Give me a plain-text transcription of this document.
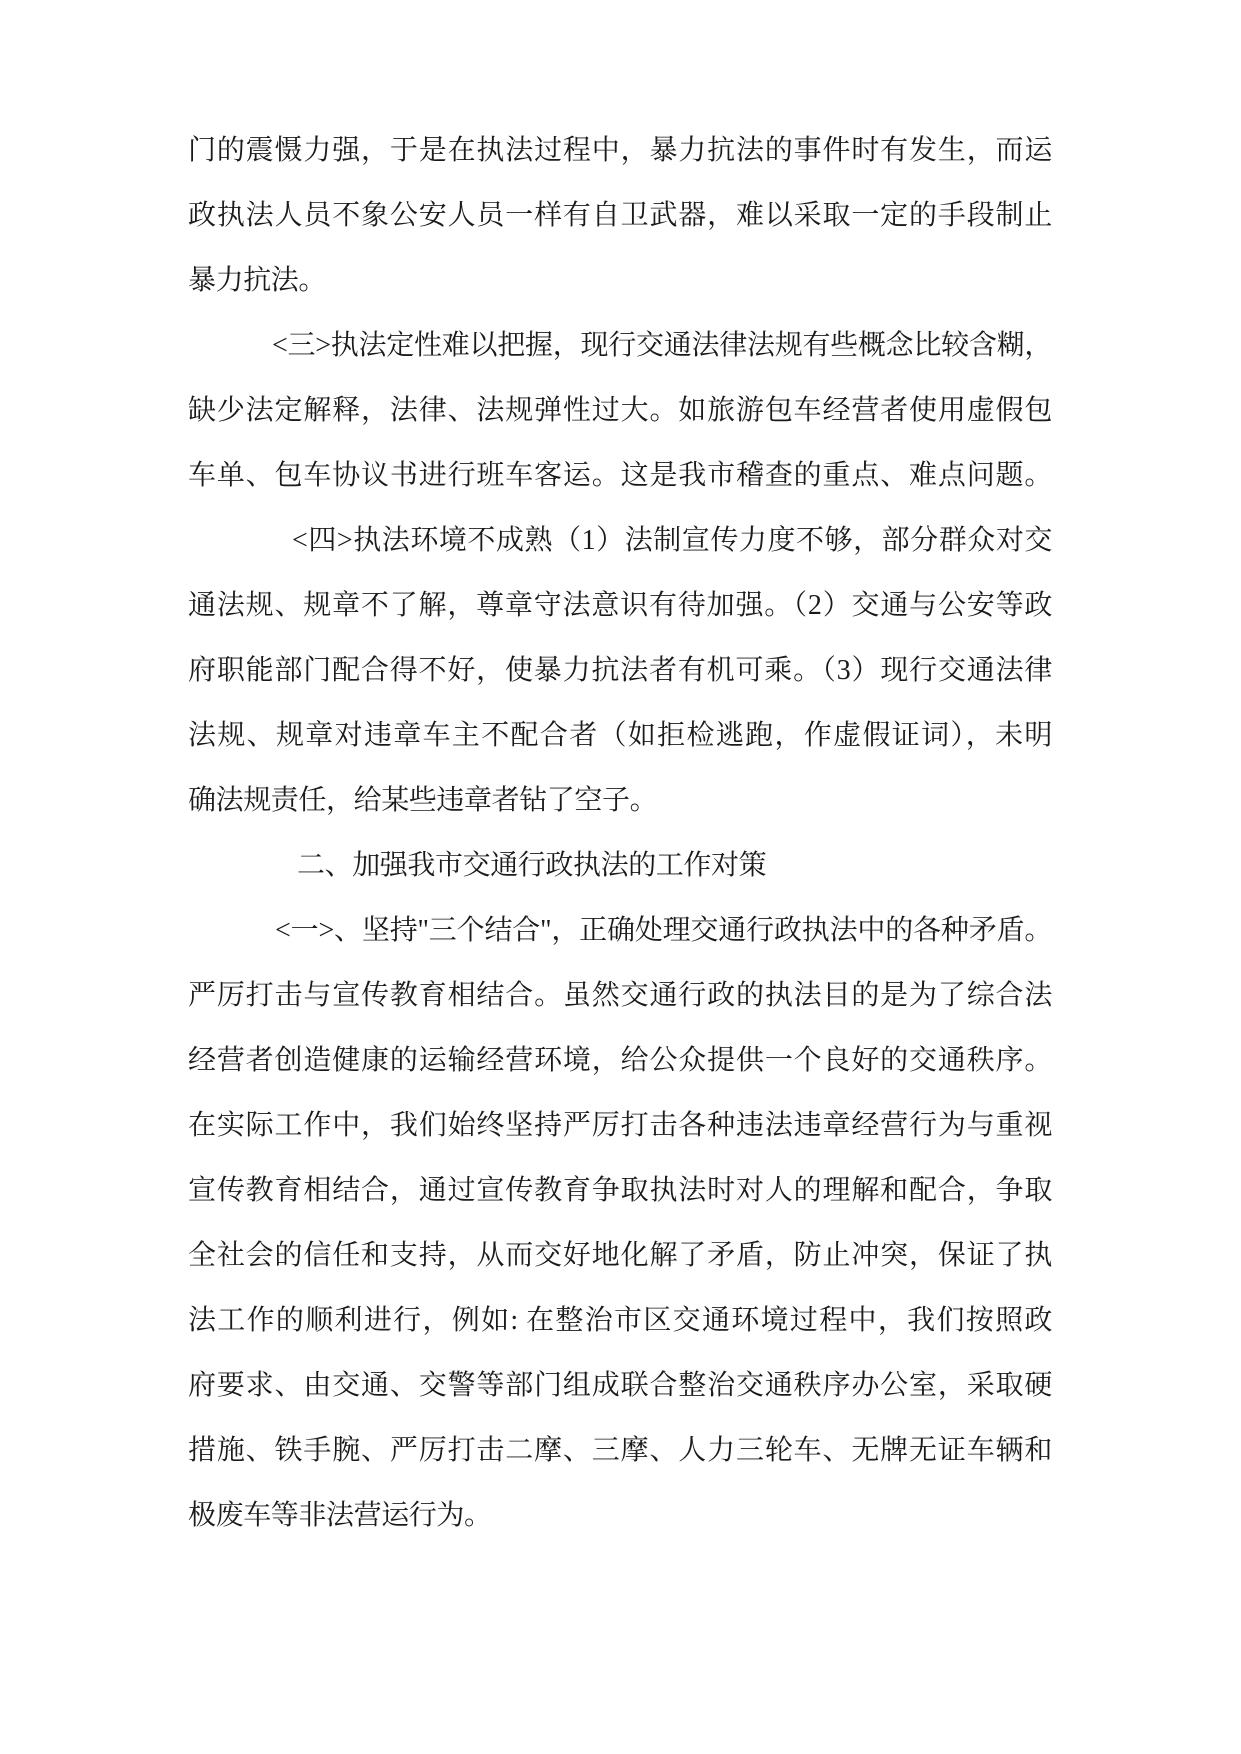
门的震慑力强，于是在执法过程中，暴力抗法的事件时有发生，而运
政执法人员不象公安人员一样有自卫武器，难以采取一定的手段制止
暴力抗法。
<三>执法定性难以把握，现行交通法律法规有些概念比较含糊，
缺少法定解释，法律、法规弹性过大。如旅游包车经营者使用虚假包
车单、包车协议书进行班车客运。这是我市稽查的重点、难点问题。
<四>执法环境不成熟（1）法制宣传力度不够，部分群众对交
通法规、规章不了解，尊章守法意识有待加强。（2）交通与公安等政
府职能部门配合得不好，使暴力抗法者有机可乘。（3）现行交通法律
法规、规章对违章车主不配合者（如拒检逃跑，作虚假证词），未明
确法规责任，给某些违章者钻了空子。
二、加强我市交通行政执法的工作对策
<一>、坚持"三个结合"，正确处理交通行政执法中的各种矛盾。
严厉打击与宣传教育相结合。虽然交通行政的执法目的是为了综合法
经营者创造健康的运输经营环境，给公众提供一个良好的交通秩序。
在实际工作中，我们始终坚持严厉打击各种违法违章经营行为与重视
宣传教育相结合，通过宣传教育争取执法时对人的理解和配合，争取
全社会的信任和支持，从而交好地化解了矛盾，防止冲突，保证了执
法工作的顺利进行，例如: 在整治市区交通环境过程中，我们按照政
府要求、由交通、交警等部门组成联合整治交通秩序办公室，采取硬
措施、铁手腕、严厉打击二摩、三摩、人力三轮车、无牌无证车辆和
极废车等非法营运行为。
